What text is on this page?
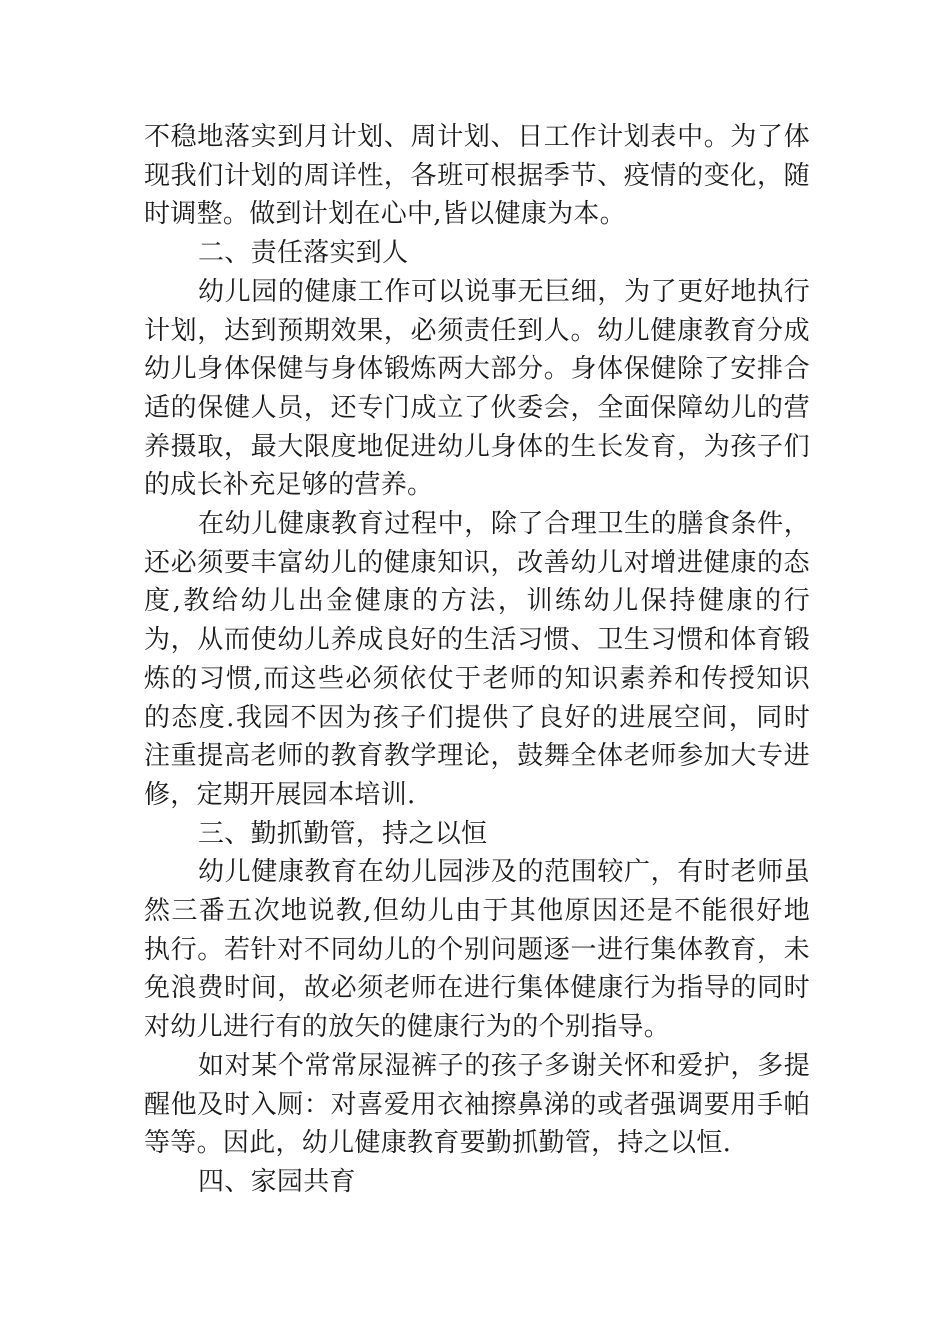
不稳地落实到月计划、周计划、日工作计划表中。为了体现我们计划的周详性，各班可根据季节、疫情的变化，随时调整。做到计划在心中,皆以健康为本。

二、责任落实到人

幼儿园的健康工作可以说事无巨细，为了更好地执行计划，达到预期效果，必须责任到人。幼儿健康教育分成幼儿身体保健与身体锻炼两大部分。身体保健除了安排合适的保健人员，还专门成立了伙委会，全面保障幼儿的营养摄取，最大限度地促进幼儿身体的生长发育，为孩子们的成长补充足够的营养。

在幼儿健康教育过程中，除了合理卫生的膳食条件，还必须要丰富幼儿的健康知识，改善幼儿对增进健康的态度,教给幼儿出金健康的方法，训练幼儿保持健康的行为，从而使幼儿养成良好的生活习惯、卫生习惯和体育锻炼的习惯,而这些必须依仗于老师的知识素养和传授知识的态度.我园不因为孩子们提供了良好的进展空间，同时注重提高老师的教育教学理论，鼓舞全体老师参加大专进修，定期开展园本培训.

三、勤抓勤管，持之以恒

幼儿健康教育在幼儿园涉及的范围较广，有时老师虽然三番五次地说教,但幼儿由于其他原因还是不能很好地执行。若针对不同幼儿的个别问题逐一进行集体教育，未免浪费时间，故必须老师在进行集体健康行为指导的同时对幼儿进行有的放矢的健康行为的个别指导。

如对某个常常尿湿裤子的孩子多谢关怀和爱护，多提醒他及时入厕：对喜爱用衣袖擦鼻涕的或者强调要用手帕等等。因此，幼儿健康教育要勤抓勤管，持之以恒.

四、家园共育
